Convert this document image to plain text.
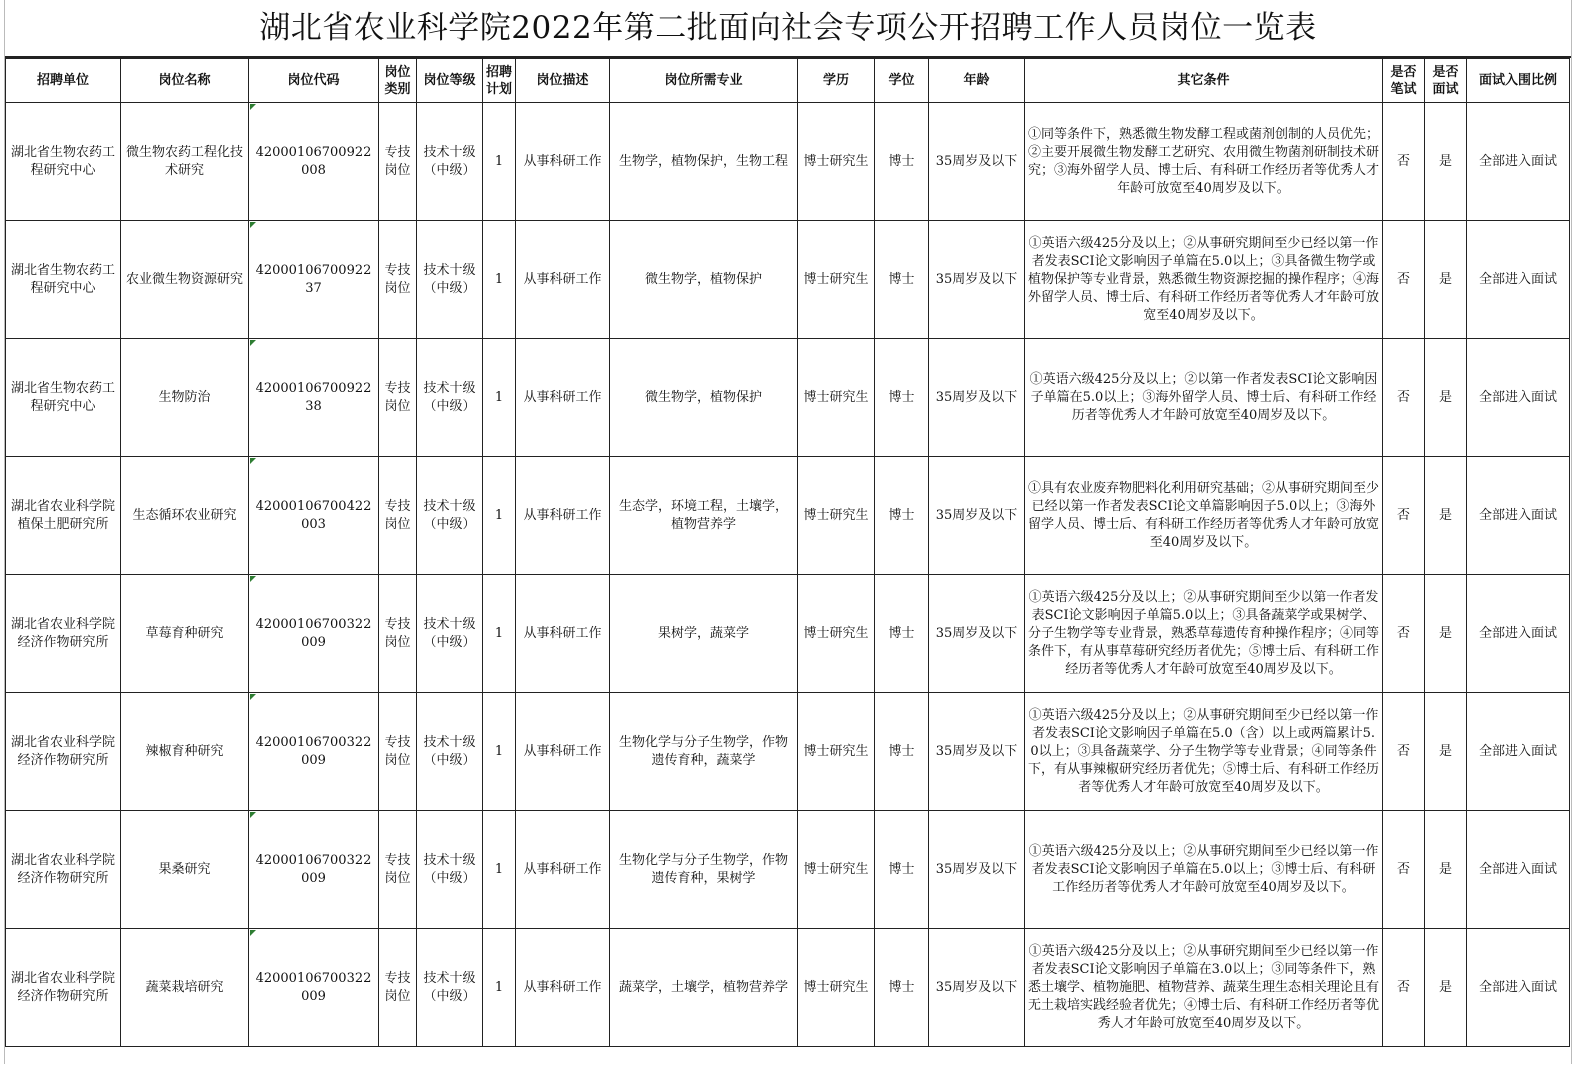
湖北省农业科学院2022年第二批面向社会专项公开招聘工作人员岗位一览表
招聘单位	岗位名称	岗位代码	岗位类别	岗位等级	招聘计划	岗位描述	岗位所需专业	学历	学位	年龄	其它条件	是否笔试	是否面试	面试入围比例
湖北省生物农药工程研究中心	微生物农药工程化技术研究	42000106700922008	专技岗位	技术十级（中级）	1	从事科研工作	生物学，植物保护，生物工程	博士研究生	博士	35周岁及以下	①同等条件下，熟悉微生物发酵工程或菌剂创制的人员优先；②主要开展微生物发酵工艺研究、农用微生物菌剂研制技术研究；③海外留学人员、博士后、有科研工作经历者等优秀人才年龄可放宽至40周岁及以下。	否	是	全部进入面试
湖北省生物农药工程研究中心	农业微生物资源研究	4200010670092237	专技岗位	技术十级（中级）	1	从事科研工作	微生物学，植物保护	博士研究生	博士	35周岁及以下	①英语六级425分及以上；②从事研究期间至少已经以第一作者发表SCI论文影响因子单篇在5.0以上；③具备微生物学或植物保护等专业背景，熟悉微生物资源挖掘的操作程序；④海外留学人员、博士后、有科研工作经历者等优秀人才年龄可放宽至40周岁及以下。	否	是	全部进入面试
湖北省生物农药工程研究中心	生物防治	4200010670092238	专技岗位	技术十级（中级）	1	从事科研工作	微生物学，植物保护	博士研究生	博士	35周岁及以下	①英语六级425分及以上；②以第一作者发表SCI论文影响因子单篇在5.0以上；③海外留学人员、博士后、有科研工作经历者等优秀人才年龄可放宽至40周岁及以下。	否	是	全部进入面试
湖北省农业科学院植保土肥研究所	生态循环农业研究	42000106700422003	专技岗位	技术十级（中级）	1	从事科研工作	生态学，环境工程，土壤学，植物营养学	博士研究生	博士	35周岁及以下	①具有农业废弃物肥料化利用研究基础；②从事研究期间至少已经以第一作者发表SCI论文单篇影响因子5.0以上；③海外留学人员、博士后、有科研工作经历者等优秀人才年龄可放宽至40周岁及以下。	否	是	全部进入面试
湖北省农业科学院经济作物研究所	草莓育种研究	42000106700322009	专技岗位	技术十级（中级）	1	从事科研工作	果树学，蔬菜学	博士研究生	博士	35周岁及以下	①英语六级425分及以上；②从事研究期间至少以第一作者发表SCI论文影响因子单篇5.0以上；③具备蔬菜学或果树学、分子生物学等专业背景，熟悉草莓遗传育种操作程序；④同等条件下，有从事草莓研究经历者优先；⑤博士后、有科研工作经历者等优秀人才年龄可放宽至40周岁及以下。	否	是	全部进入面试
湖北省农业科学院经济作物研究所	辣椒育种研究	42000106700322009	专技岗位	技术十级（中级）	1	从事科研工作	生物化学与分子生物学，作物遗传育种，蔬菜学	博士研究生	博士	35周岁及以下	①英语六级425分及以上；②从事研究期间至少已经以第一作者发表SCI论文影响因子单篇在5.0（含）以上或两篇累计5.0以上；③具备蔬菜学、分子生物学等专业背景；④同等条件下，有从事辣椒研究经历者优先；⑤博士后、有科研工作经历者等优秀人才年龄可放宽至40周岁及以下。	否	是	全部进入面试
湖北省农业科学院经济作物研究所	果桑研究	42000106700322009	专技岗位	技术十级（中级）	1	从事科研工作	生物化学与分子生物学，作物遗传育种，果树学	博士研究生	博士	35周岁及以下	①英语六级425分及以上；②从事研究期间至少已经以第一作者发表SCI论文影响因子单篇在5.0以上；③博士后、有科研工作经历者等优秀人才年龄可放宽至40周岁及以下。	否	是	全部进入面试
湖北省农业科学院经济作物研究所	蔬菜栽培研究	42000106700322009	专技岗位	技术十级（中级）	1	从事科研工作	蔬菜学，土壤学，植物营养学	博士研究生	博士	35周岁及以下	①英语六级425分及以上；②从事研究期间至少已经以第一作者发表SCI论文影响因子单篇在3.0以上；③同等条件下，熟悉土壤学、植物施肥、植物营养、蔬菜生理生态相关理论且有无土栽培实践经验者优先；④博士后、有科研工作经历者等优秀人才年龄可放宽至40周岁及以下。	否	是	全部进入面试
